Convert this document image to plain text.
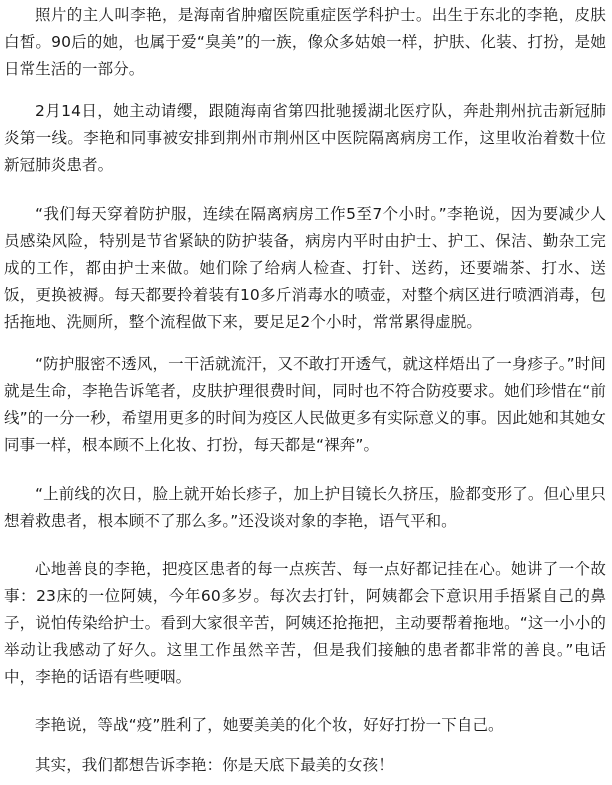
照片的主人叫李艳，是海南省肿瘤医院重症医学科护士。出生于东北的李艳，皮肤白皙。90后的她，也属于爱“臭美”的一族，像众多姑娘一样，护肤、化装、打扮，是她日常生活的一部分。

2月14日，她主动请缨，跟随海南省第四批驰援湖北医疗队，奔赴荆州抗击新冠肺炎第一线。李艳和同事被安排到荆州市荆州区中医院隔离病房工作，这里收治着数十位新冠肺炎患者。

“我们每天穿着防护服，连续在隔离病房工作5至7个小时。”李艳说，因为要减少人员感染风险，特别是节省紧缺的防护装备，病房内平时由护士、护工、保洁、勤杂工完成的工作，都由护士来做。她们除了给病人检查、打针、送药，还要端茶、打水、送饭，更换被褥。每天都要拎着装有10多斤消毒水的喷壶，对整个病区进行喷洒消毒，包括拖地、洗厕所，整个流程做下来，要足足2个小时，常常累得虚脱。

“防护服密不透风，一干活就流汗，又不敢打开透气，就这样焐出了一身疹子。”时间就是生命，李艳告诉笔者，皮肤护理很费时间，同时也不符合防疫要求。她们珍惜在“前线”的一分一秒，希望用更多的时间为疫区人民做更多有实际意义的事。因此她和其她女同事一样，根本顾不上化妆、打扮，每天都是“裸奔”。

“上前线的次日，脸上就开始长疹子，加上护目镜长久挤压，脸都变形了。但心里只想着救患者，根本顾不了那么多。”还没谈对象的李艳，语气平和。

心地善良的李艳，把疫区患者的每一点疾苦、每一点好都记挂在心。她讲了一个故事：23床的一位阿姨，今年60多岁。每次去打针，阿姨都会下意识用手捂紧自己的鼻子，说怕传染给护士。看到大家很辛苦，阿姨还抢拖把，主动要帮着拖地。“这一小小的举动让我感动了好久。这里工作虽然辛苦，但是我们接触的患者都非常的善良。”电话中，李艳的话语有些哽咽。

李艳说，等战“疫”胜利了，她要美美的化个妆，好好打扮一下自己。

其实，我们都想告诉李艳：你是天底下最美的女孩！
